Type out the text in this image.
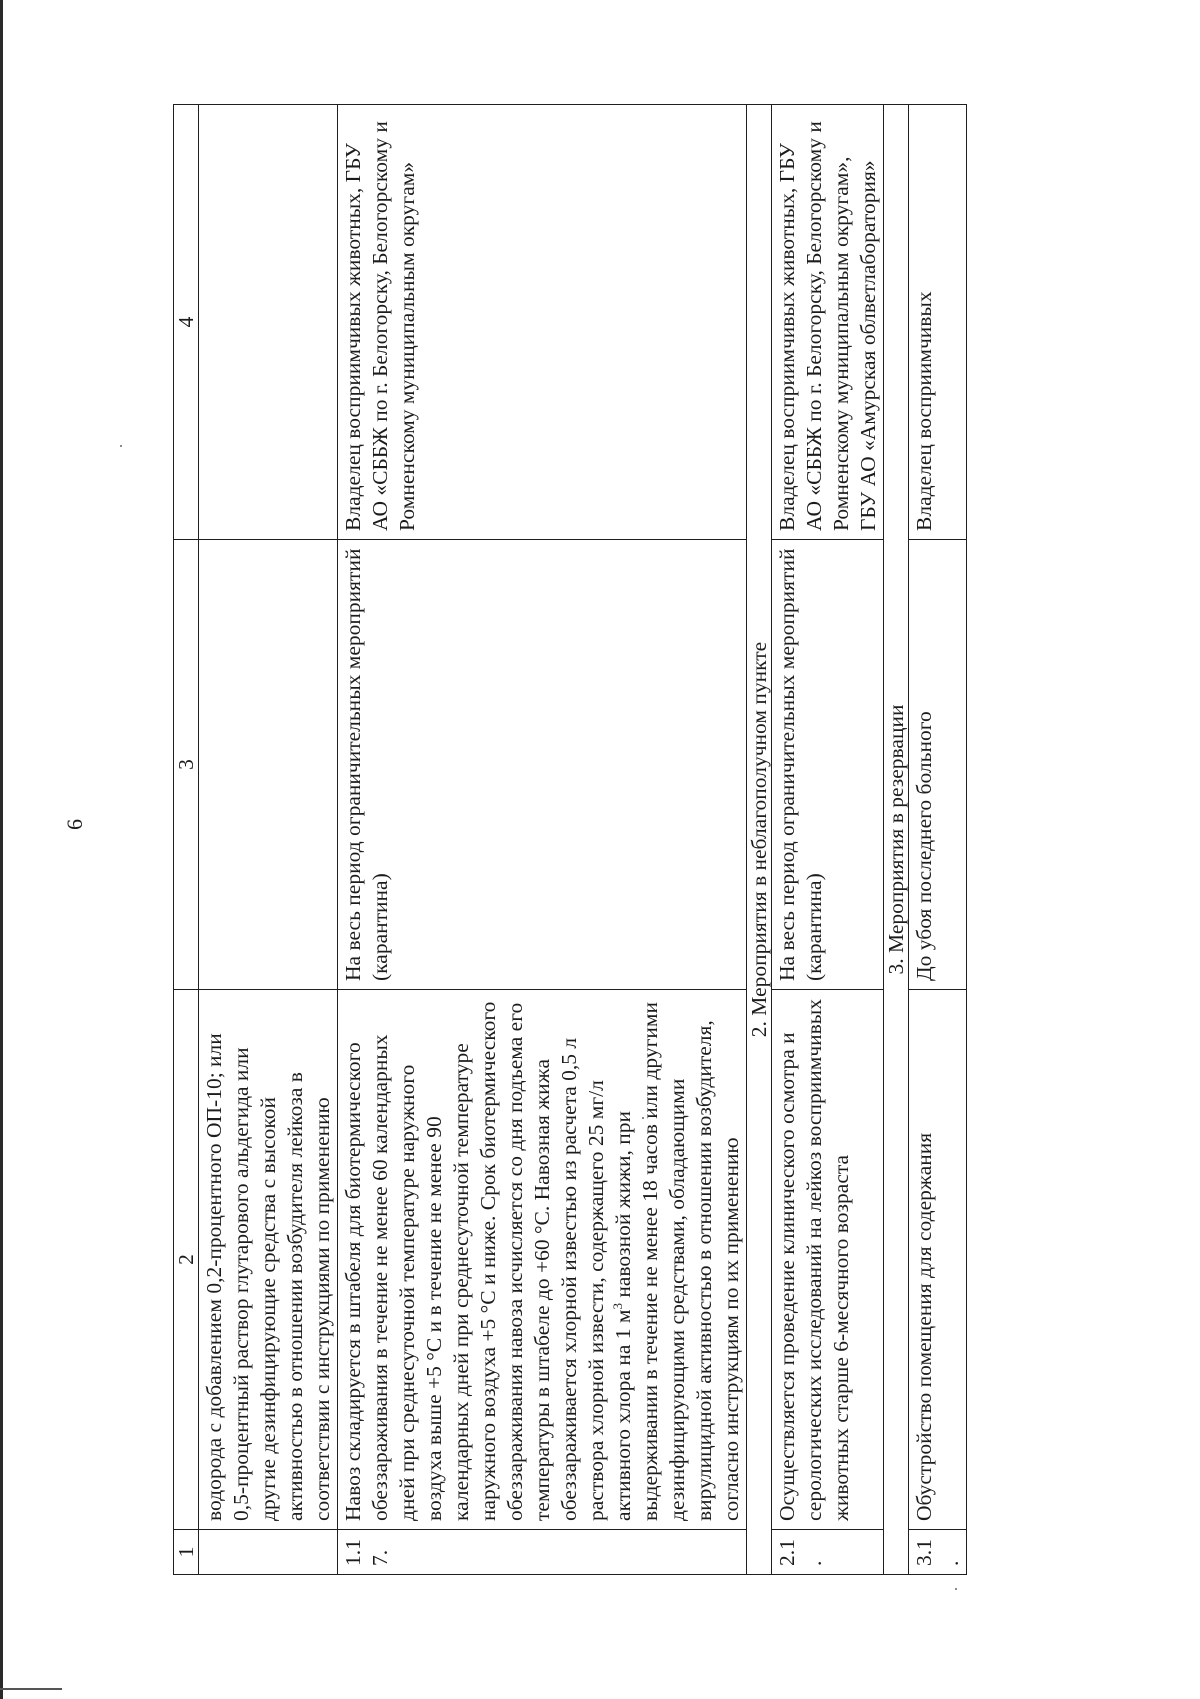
6
1	2	3	4
	водорода с добавлением 0,2-процентного ОП-10; или 0,5-процентный раствор глутарового альдегида или другие дезинфицирующие средства с высокой активностью в отношении возбудителя лейкоза в соответствии с инструкциями по применению		
1.17.	Навоз складируется в штабеля для биотермического обеззараживания в течение не менее 60 календарных дней при среднесуточной температуре наружного воздуха выше +5 °С и в течение не менее 90 календарных дней при среднесуточной температуре наружного воздуха +5 °С и ниже. Срок биотермического обеззараживания навоза исчисляется со дня подъема его температуры в штабеле до +60 °С. Навозная жижа обеззараживается хлорной известью из расчета 0,5 л раствора хлорной извести, содержащего 25 мг/л активного хлора на 1 $м^3$ навозной жижи, при выдерживании в течение не менее 18 часов или другими дезинфицирующими средствами, обладающими вирулицидной активностью в отношении возбудителя, согласно инструкциям по их применению	На весь период ограничительных мероприятий (карантина)	Владелец восприимчивых животных, ГБУ АО «СББЖ по г. Белогорску, Белогорскому и Ромненскому муниципальным округам»
2. Мероприятия в неблагополучном пункте			
2.1.	Осуществляется проведение клинического осмотра и серологических исследований на лейкоз восприимчивых животных старше 6-месячного возраста	На весь период ограничительных мероприятий (карантина)	Владелец восприимчивых животных, ГБУ АО «СББЖ по г. Белогорску, Белогорскому и Ромненскому муниципальным округам», ГБУ АО «Амурская облветлаборатория»
3. Мероприятия в резервации			
3.1.	Обустройство помещения для содержания	До убоя последнего больного	Владелец восприимчивых
